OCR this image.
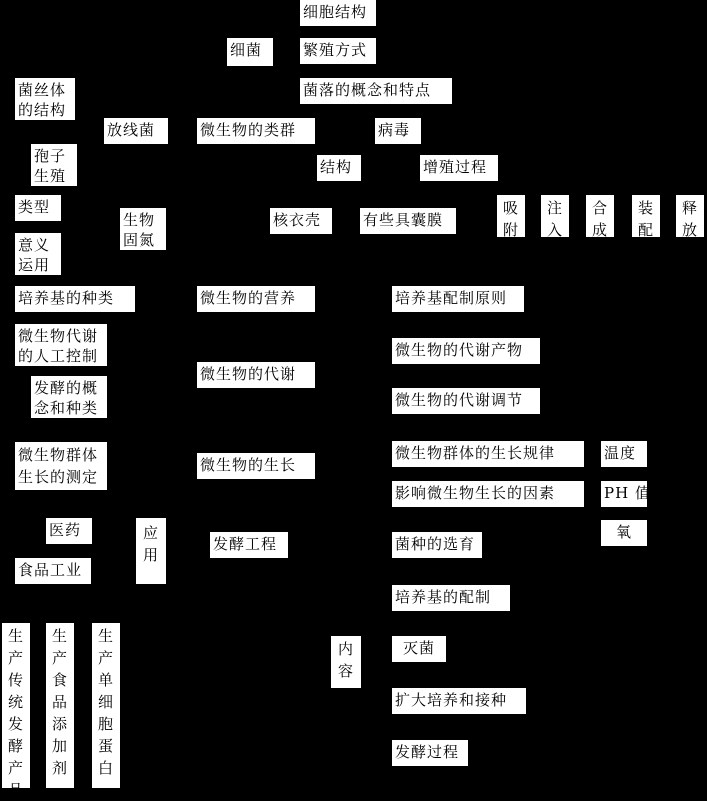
细胞结构
细菌	繁殖方式
菌落的概念和特点
菌丝体
的结构
放线菌	微生物的类群	病毒
孢子
生殖	结构	增殖过程
类型
生物
固氮
核衣壳	有些具囊膜
吸
附
注
入
合
成
装
配
释
放
意义
运用
培养基的种类	微生物的营养	培养基配制原则
微生物代谢
的人工控制	微生物的代谢产物
微生物的代谢
发酵的概
念和种类	微生物的代谢调节
微生物群体
生长的测定
微生物的生长
微生物群体的生长规律	温度
影响微生物生长的因素	PH 值
医药	应
用
发酵工程	菌种的选育
氧
食品工业
培养基的配制
生
产
传
统
发
酵
产
品
生
产
食
品
添
加
剂
生
产
单
细
胞
蛋
白
内
容
灭菌
扩大培养和接种
发酵过程
